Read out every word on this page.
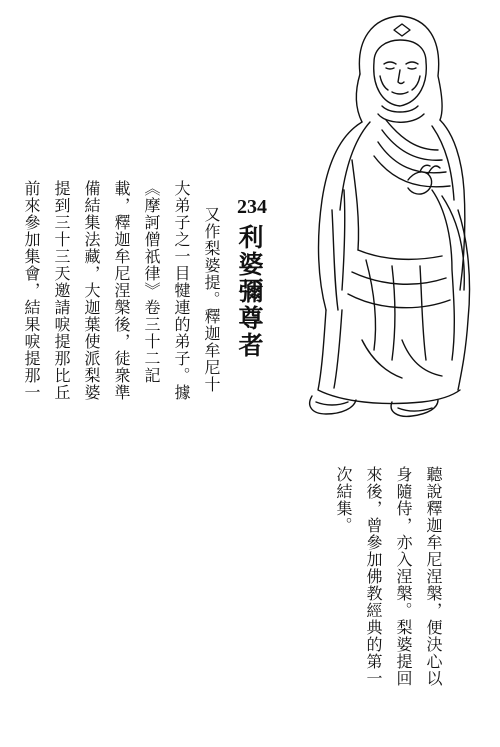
234
利婆彌尊者
又作梨婆提。釋迦牟尼十
大弟子之一目犍連的弟子。據
《摩訶僧祇律》卷三十二記
載，釋迦牟尼涅槃後，徒衆準
備結集法藏，大迦葉使派梨婆
提到三十三天邀請唳提那比丘
前來參加集會，結果唳提那一
聽說釋迦牟尼涅槃，便決心以
身隨侍，亦入涅槃。梨婆提回
來後，曾參加佛教經典的第一
次結集。
